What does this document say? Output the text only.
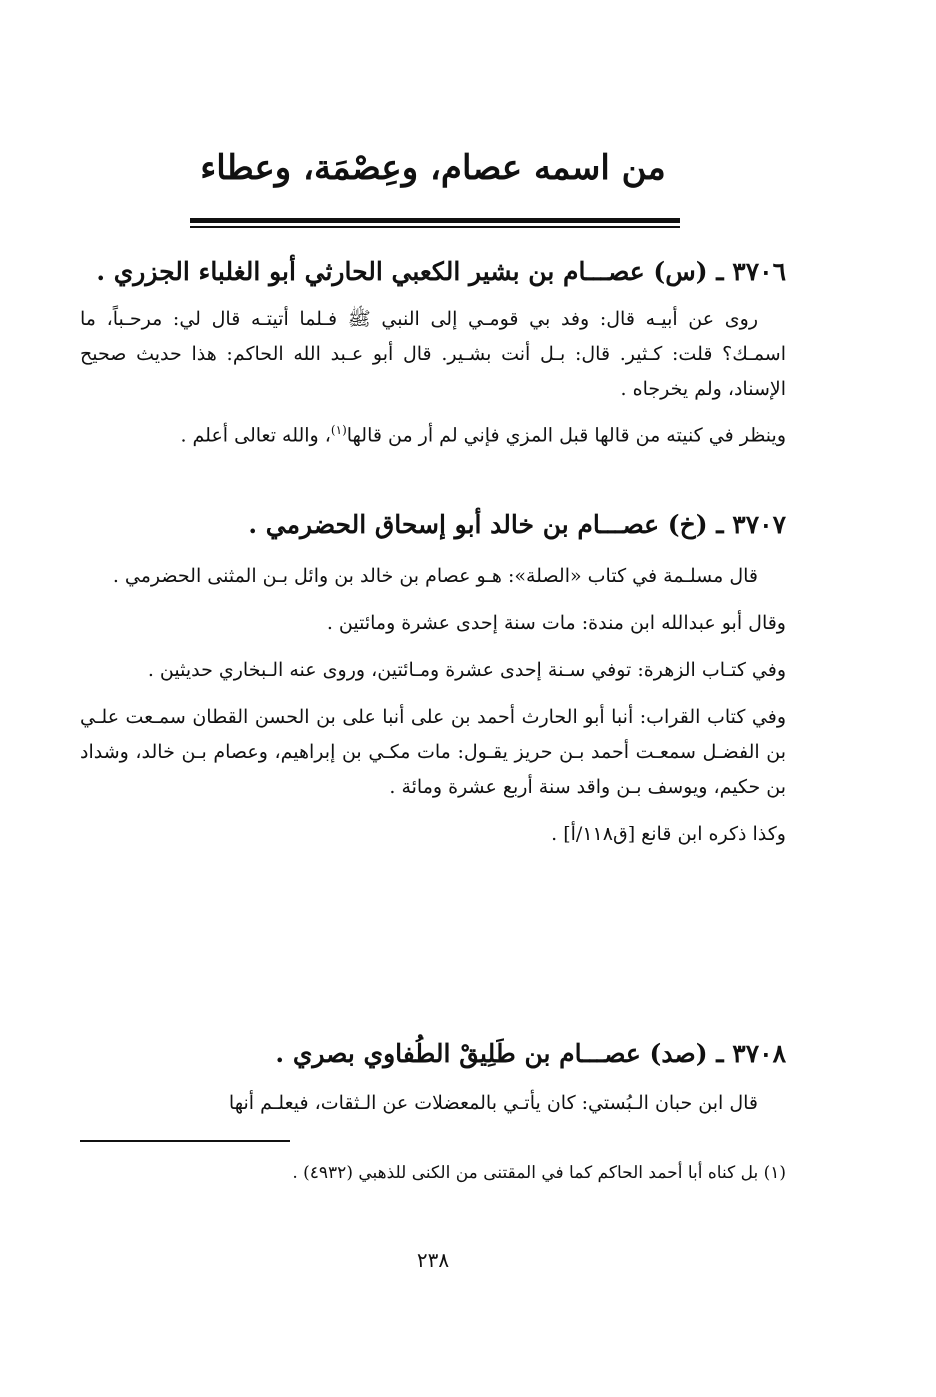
من اسمه عصام، وعِصْمَة، وعطاء

٣٧٠٦ ـ (س) عصـــام بن بشير الكعبي الحارثي أبو الغلباء الجزري .

روى عن أبيـه قال: وفد بي قومـي إلى النبي ﷺ فـلما أتيتـه قال لي: مرحـباً، ما اسمـك؟ قلت: كـثير. قال: بـل أنت بشـير. قال أبو عـبد الله الحاكم: هذا حديث صحيح الإسناد، ولم يخرجاه .

وينظر في كنيته من قالها قبل المزي فإني لم أر من قالها$^{(١)}$، والله تعالى أعلم .

٣٧٠٧ ـ (خ) عصـــام بن خالد أبو إسحاق الحضرمي .

قال مسلـمة في كتاب «الصلة»: هـو عصام بن خالد بن وائل بـن المثنى الحضرمي .

وقال أبو عبدالله ابن مندة: مات سنة إحدى عشرة ومائتين .

وفي كتـاب الزهرة: توفي سـنة إحدى عشرة ومـائتين، وروى عنه الـبخاري حديثين .

وفي كتاب القراب: أنبا أبو الحارث أحمد بن على أنبا على بن الحسن القطان سمـعت علـي بن الفضـل سمعـت أحمد بـن حريز يقـول: مات مكـي بن إبراهيم، وعصام بـن خالد، وشداد بن حكيم، ويوسف بـن واقد سنة أربع عشرة ومائة .

وكذا ذكره ابن قانع [ق١١٨/أ] .

٣٧٠٨ ـ (صد) عصـــام بن طَلِيقْ الطُفاوي بصري .

قال ابن حبان الـبُستي: كان يأتـي بالمعضلات عن الـثقات، فيعلـم أنها

(١) بل كناه أبا أحمد الحاكم كما في المقتنى من الكنى للذهبي (٤٩٣٢) .

٢٣٨
